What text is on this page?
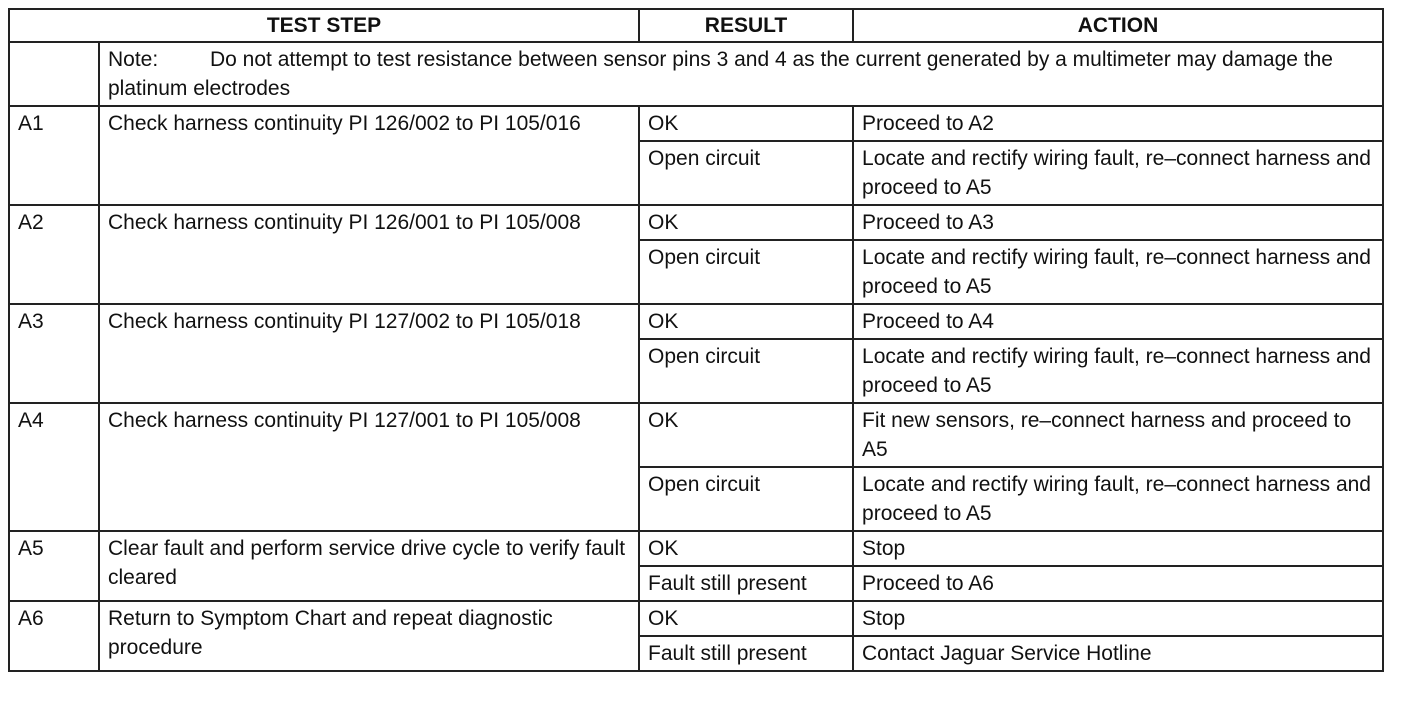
TEST STEP		RESULT	ACTION
	Note: Do not attempt to test resistance between sensor pins 3 and 4 as the current generated by a multimeter may damage the platinum electrodes		
A1	Check harness continuity PI 126/002 to PI 105/016	OK	Proceed to A2
		Open circuit	Locate and rectify wiring fault, re–connect harness and proceed to A5
A2	Check harness continuity PI 126/001 to PI 105/008	OK	Proceed to A3
		Open circuit	Locate and rectify wiring fault, re–connect harness and proceed to A5
A3	Check harness continuity PI 127/002 to PI 105/018	OK	Proceed to A4
		Open circuit	Locate and rectify wiring fault, re–connect harness and proceed to A5
A4	Check harness continuity PI 127/001 to PI 105/008	OK	Fit new sensors, re–connect harness and proceed to A5
		Open circuit	Locate and rectify wiring fault, re–connect harness and proceed to A5
A5	Clear fault and perform service drive cycle to verify fault cleared	OK	Stop
		Fault still present	Proceed to A6
A6	Return to Symptom Chart and repeat diagnostic procedure	OK	Stop
		Fault still present	Contact Jaguar Service Hotline
